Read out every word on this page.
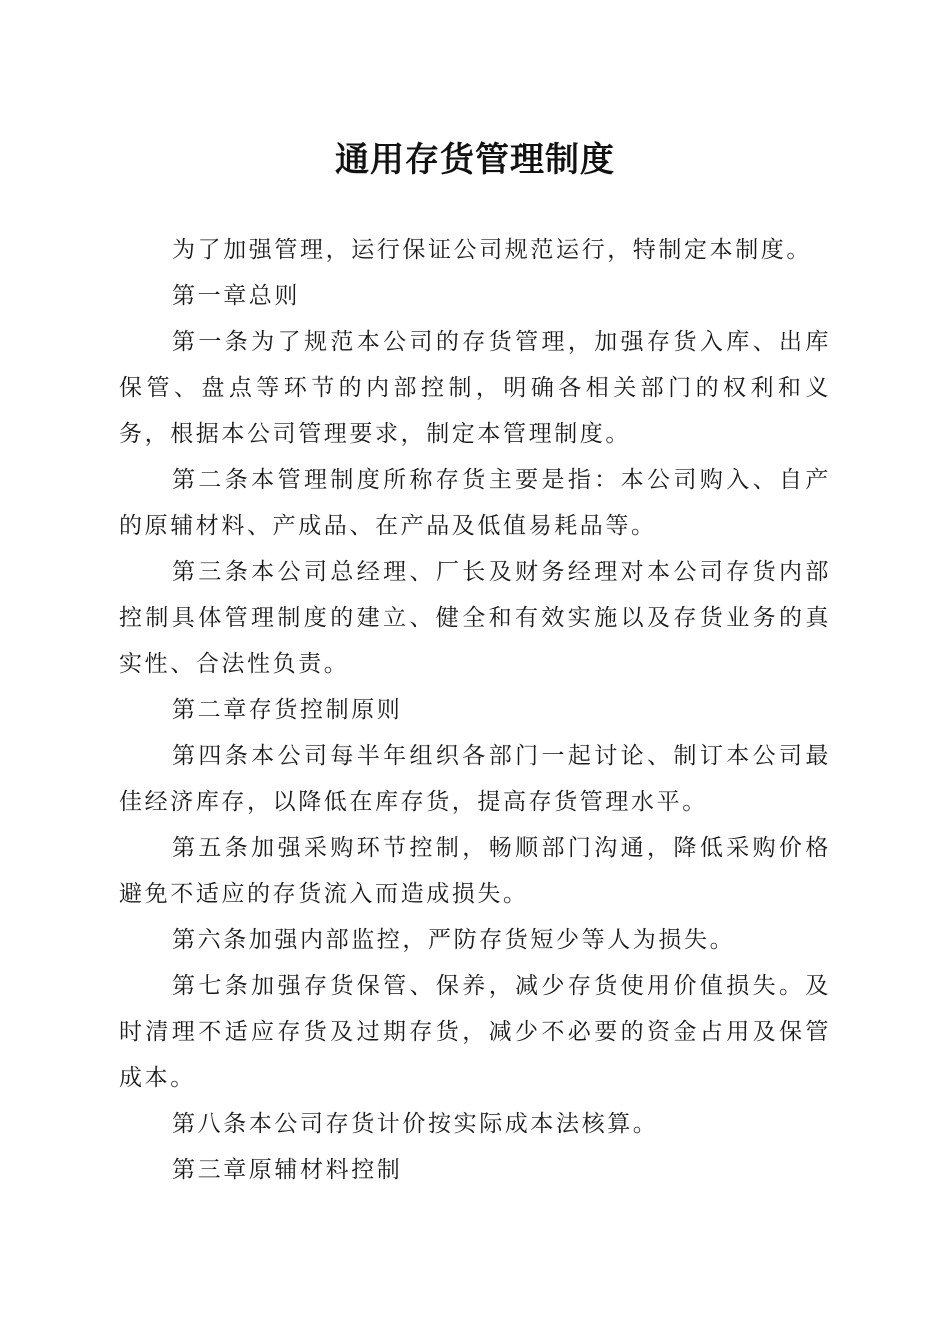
通用存货管理制度

为了加强管理，运行保证公司规范运行，特制定本制度。

第一章总则

第一条为了规范本公司的存货管理，加强存货入库、出库保管、盘点等环节的内部控制，明确各相关部门的权利和义务，根据本公司管理要求，制定本管理制度。

第二条本管理制度所称存货主要是指：本公司购入、自产的原辅材料、产成品、在产品及低值易耗品等。

第三条本公司总经理、厂长及财务经理对本公司存货内部控制具体管理制度的建立、健全和有效实施以及存货业务的真实性、合法性负责。

第二章存货控制原则

第四条本公司每半年组织各部门一起讨论、制订本公司最佳经济库存，以降低在库存货，提高存货管理水平。

第五条加强采购环节控制，畅顺部门沟通，降低采购价格避免不适应的存货流入而造成损失。

第六条加强内部监控，严防存货短少等人为损失。

第七条加强存货保管、保养，减少存货使用价值损失。及时清理不适应存货及过期存货，减少不必要的资金占用及保管成本。

第八条本公司存货计价按实际成本法核算。

第三章原辅材料控制
